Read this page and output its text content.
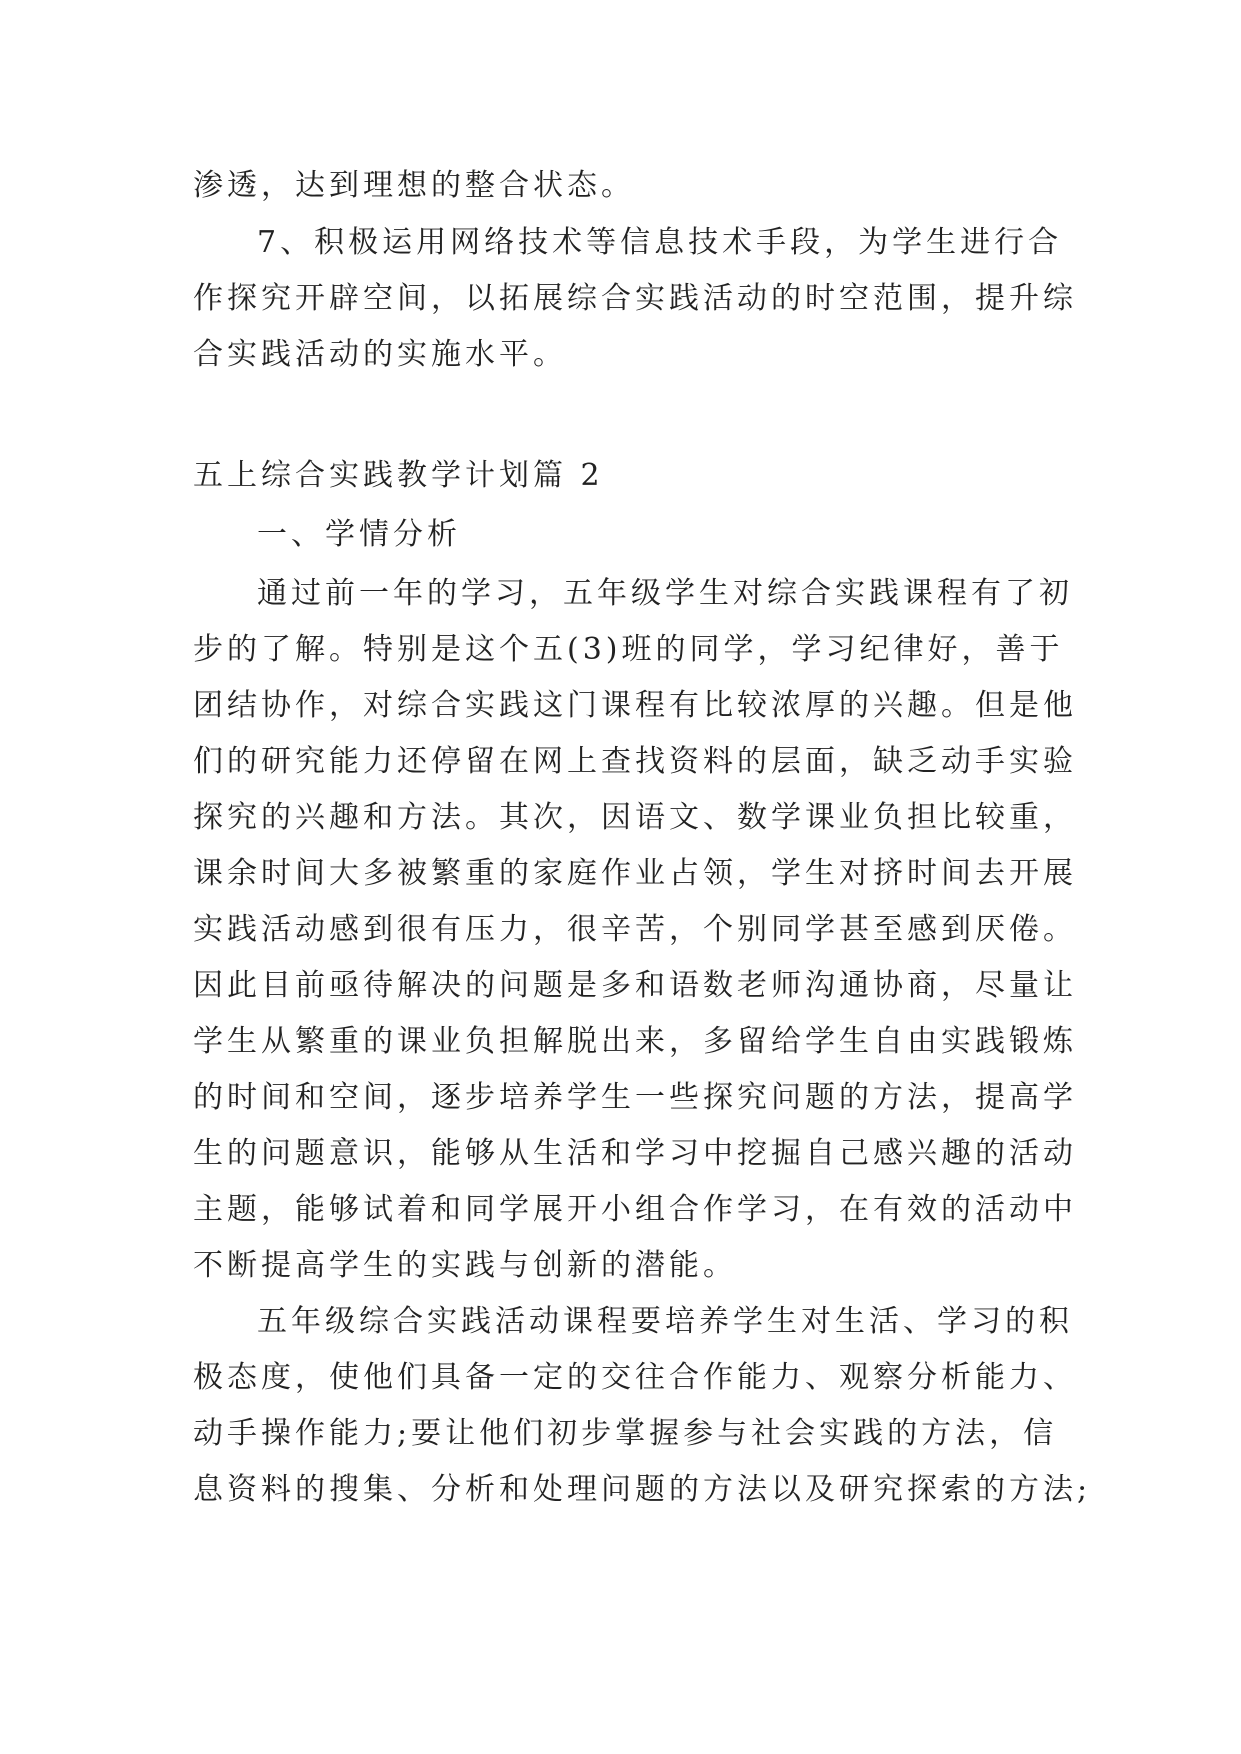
渗透，达到理想的整合状态。
7、积极运用网络技术等信息技术手段，为学生进行合
作探究开辟空间，以拓展综合实践活动的时空范围，提升综
合实践活动的实施水平。
五上综合实践教学计划篇 2
一、学情分析
通过前一年的学习，五年级学生对综合实践课程有了初
步的了解。特别是这个五(3)班的同学，学习纪律好，善于
团结协作，对综合实践这门课程有比较浓厚的兴趣。但是他
们的研究能力还停留在网上查找资料的层面，缺乏动手实验
探究的兴趣和方法。其次，因语文、数学课业负担比较重，
课余时间大多被繁重的家庭作业占领，学生对挤时间去开展
实践活动感到很有压力，很辛苦，个别同学甚至感到厌倦。
因此目前亟待解决的问题是多和语数老师沟通协商，尽量让
学生从繁重的课业负担解脱出来，多留给学生自由实践锻炼
的时间和空间，逐步培养学生一些探究问题的方法，提高学
生的问题意识，能够从生活和学习中挖掘自己感兴趣的活动
主题，能够试着和同学展开小组合作学习，在有效的活动中
不断提高学生的实践与创新的潜能。
五年级综合实践活动课程要培养学生对生活、学习的积
极态度，使他们具备一定的交往合作能力、观察分析能力、
动手操作能力;要让他们初步掌握参与社会实践的方法，信
息资料的搜集、分析和处理问题的方法以及研究探索的方法;
